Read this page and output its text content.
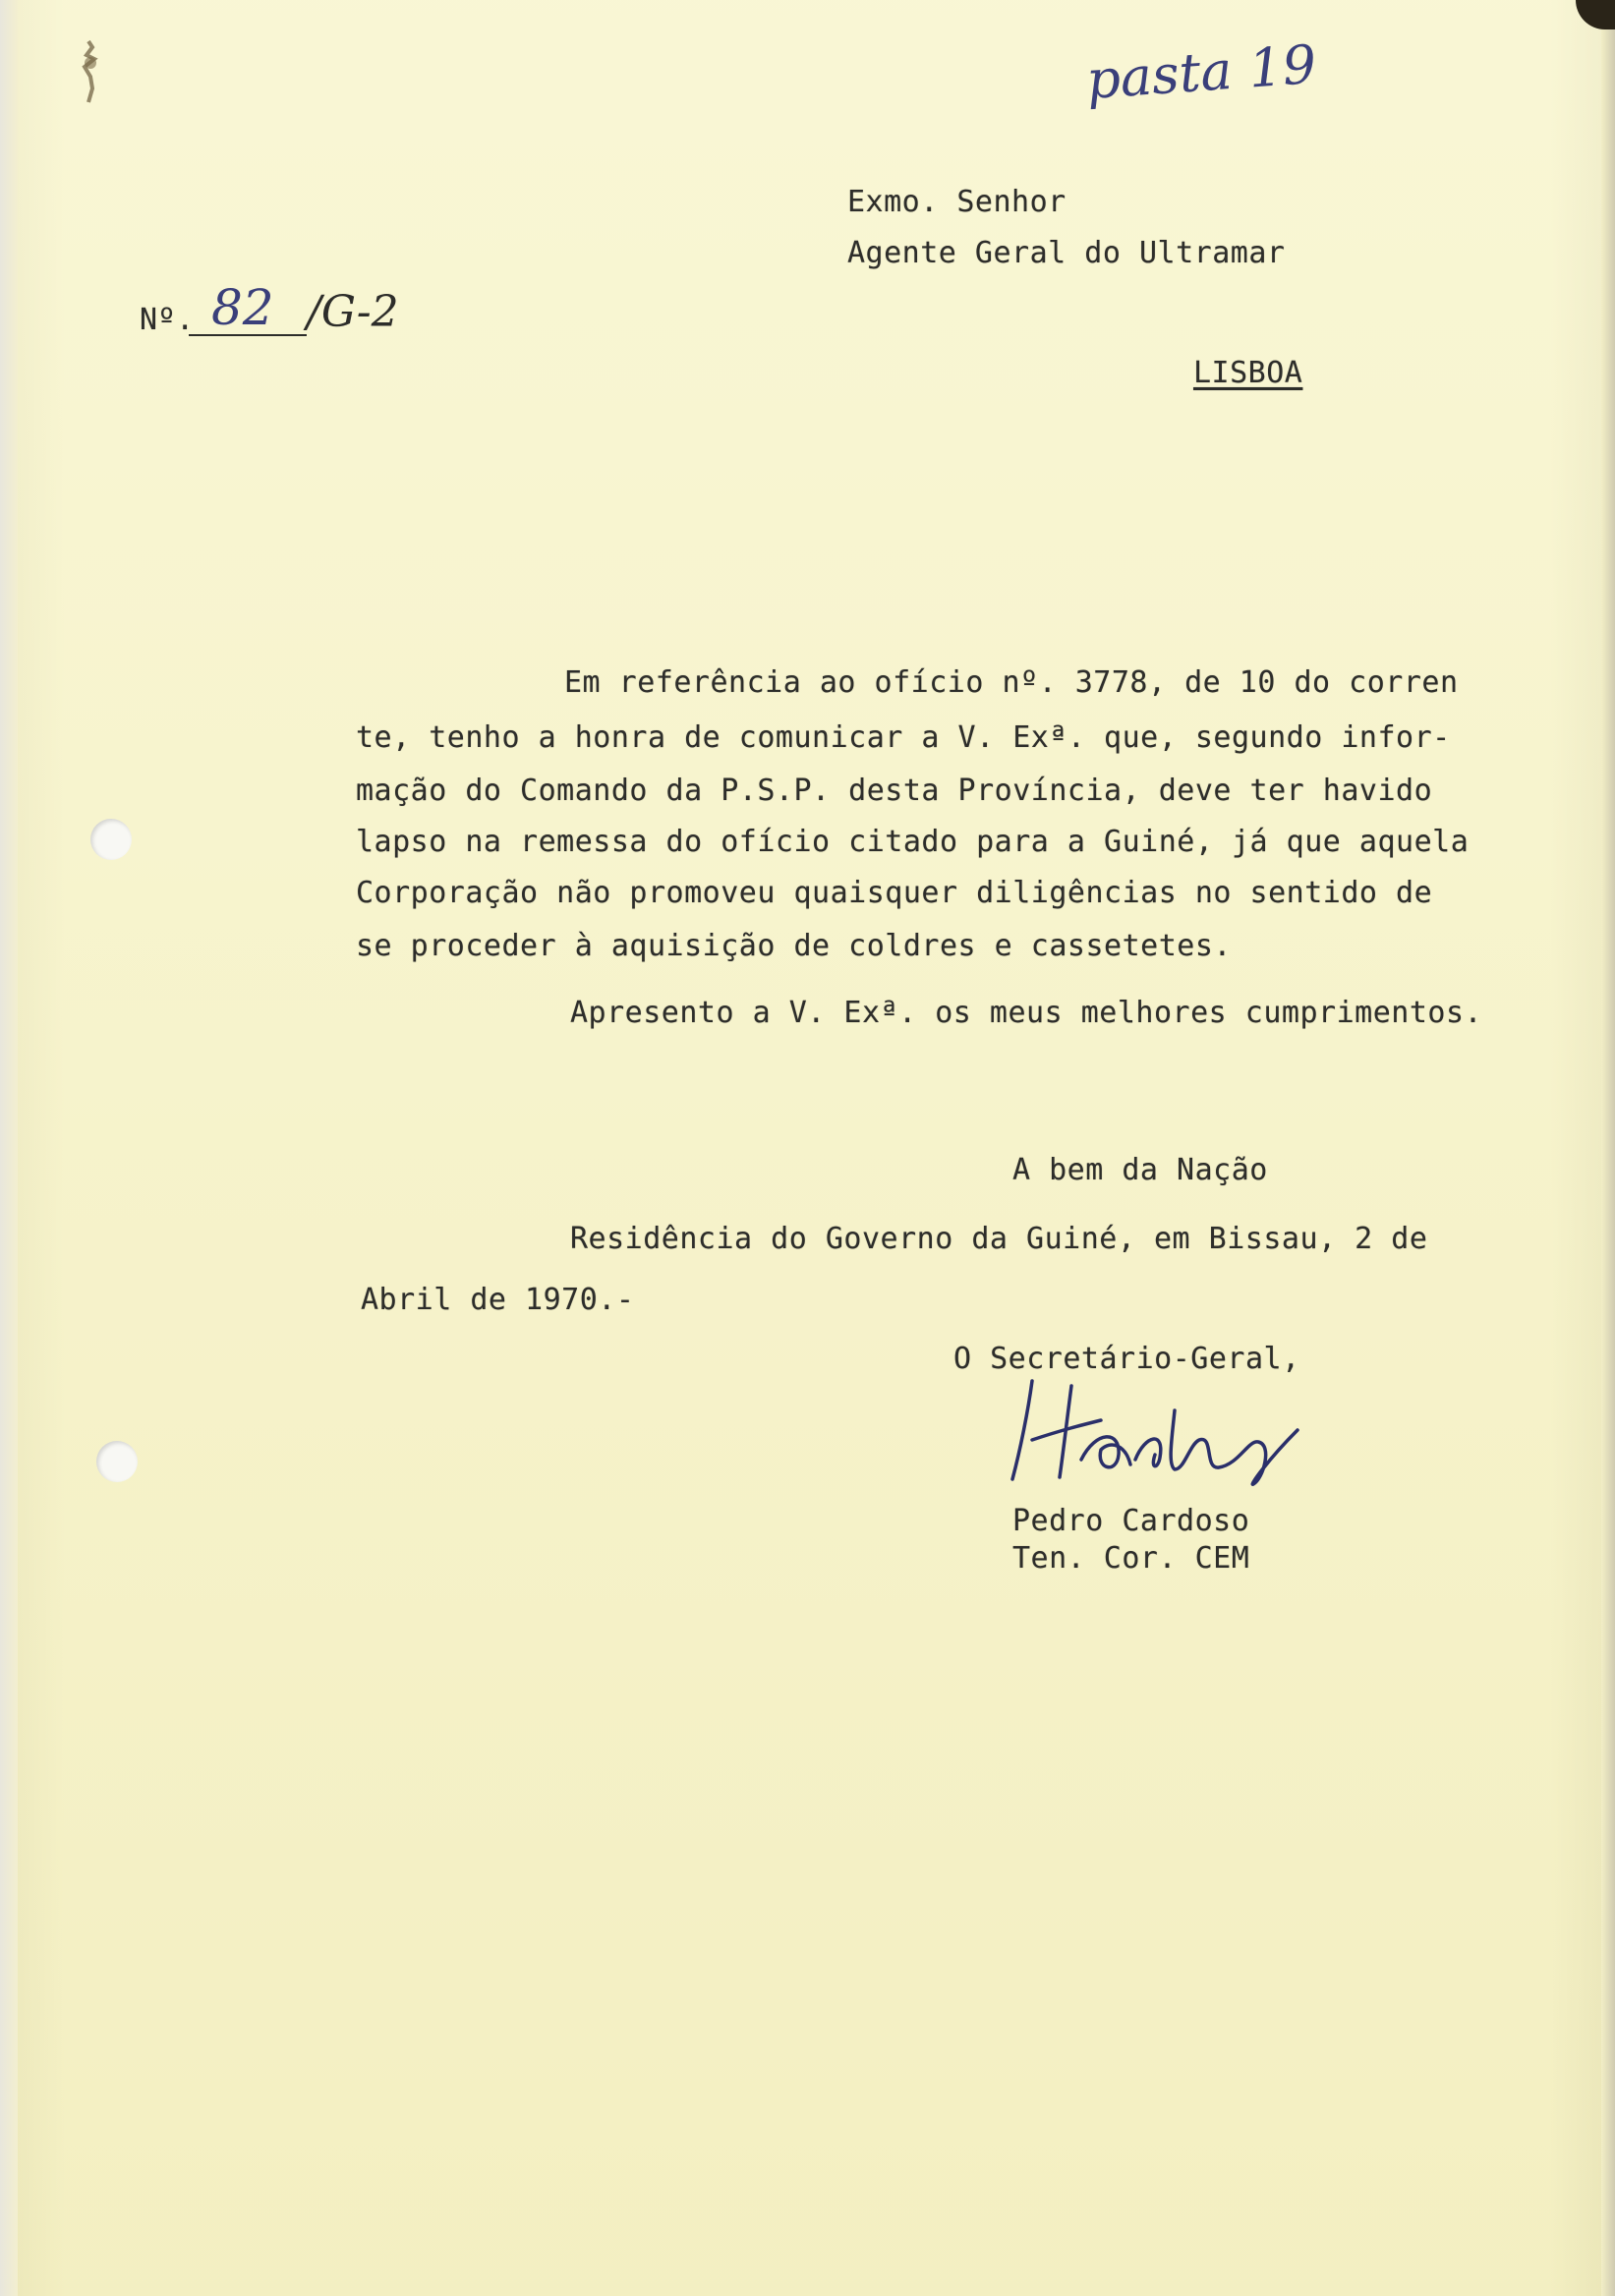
pasta 19
Nº. 82 /G-2
Exmo. Senhor
Agente Geral do Ultramar
LISBOA
Em referência ao ofício nº. 3778, de 10 do corren
te, tenho a honra de comunicar a V. Exª. que, segundo infor-
mação do Comando da P.S.P. desta Província, deve ter havido
lapso na remessa do ofício citado para a Guiné, já que aquela
Corporação não promoveu quaisquer diligências no sentido de
se proceder à aquisição de coldres e cassetetes.
Apresento a V. Exª. os meus melhores cumprimentos.
A bem da Nação
Residência do Governo da Guiné, em Bissau, 2 de
Abril de 1970.-
O Secretário-Geral,
Pedro Cardoso
Ten. Cor. CEM
